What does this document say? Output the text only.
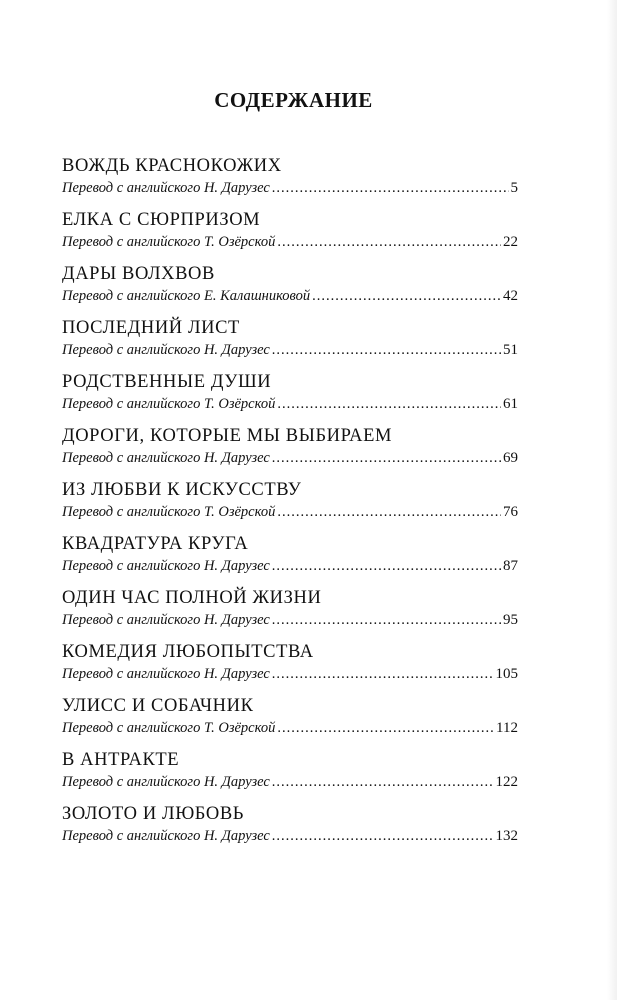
СОДЕРЖАНИЕ
ВОЖДЬ КРАСНОКОЖИХ
Перевод с английского Н. Дарузес .....	5
ЕЛКА С СЮРПРИЗОМ
Перевод с английского Т. Озёрской .....	22
ДАРЫ ВОЛХВОВ
Перевод с английского Е. Калашниковой .....	42
ПОСЛЕДНИЙ ЛИСТ
Перевод с английского Н. Дарузес .....	51
РОДСТВЕННЫЕ ДУШИ
Перевод с английского Т. Озёрской .....	61
ДОРОГИ, КОТОРЫЕ МЫ ВЫБИРАЕМ
Перевод с английского Н. Дарузес .....	69
ИЗ ЛЮБВИ К ИСКУССТВУ
Перевод с английского Т. Озёрской .....	76
КВАДРАТУРА КРУГА
Перевод с английского Н. Дарузес .....	87
ОДИН ЧАС ПОЛНОЙ ЖИЗНИ
Перевод с английского Н. Дарузес .....	95
КОМЕДИЯ ЛЮБОПЫТСТВА
Перевод с английского Н. Дарузес .....	105
УЛИСС И СОБАЧНИК
Перевод с английского Т. Озёрской .....	112
В АНТРАКТЕ
Перевод с английского Н. Дарузес .....	122
ЗОЛОТО И ЛЮБОВЬ
Перевод с английского Н. Дарузес .....	132
